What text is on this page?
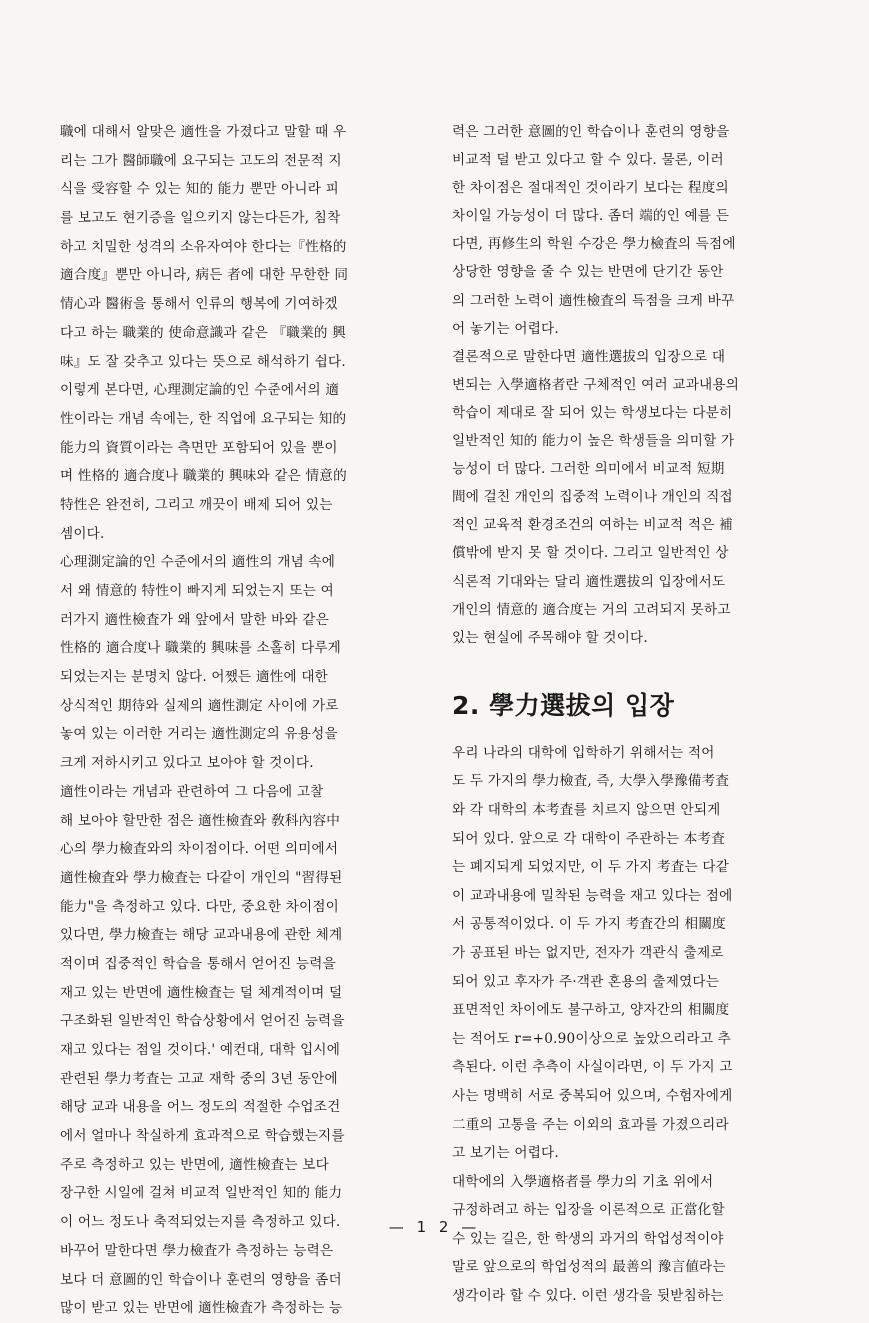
職에 대해서 알맞은 適性을 가졌다고 말할 때 우
리는 그가 醫師職에 요구되는 고도의 전문적 지
식을 受容할 수 있는 知的 能力 뿐만 아니라 피
를 보고도 현기증을 일으키지 않는다든가, 침착
하고 치밀한 성격의 소유자여야 한다는『性格的
適合度』뿐만 아니라, 病든 者에 대한 무한한 同
情心과 醫術을 통해서 인류의 행복에 기여하겠
다고 하는 職業的 使命意識과 같은 『職業的 興
味』도 잘 갖추고 있다는 뜻으로 해석하기 쉽다.
이렇게 본다면, 心理測定論的인 수준에서의 適
性이라는 개념 속에는, 한 직업에 요구되는 知的
能力의 資質이라는 측면만 포함되어 있을 뿐이
며 性格的 適合度나 職業的 興味와 같은 情意的
特性은 완전히, 그리고 깨끗이 배제 되어 있는
셈이다.
心理測定論的인 수준에서의 適性의 개념 속에
서 왜 情意的 特性이 빠지게 되었는지 또는 여
러가지 適性檢査가 왜 앞에서 말한 바와 같은
性格的 適合度나 職業的 興味를 소홀히 다루게
되었는지는 분명치 않다. 어쨌든 適性에 대한
상식적인 期待와 실제의 適性測定 사이에 가로
놓여 있는 이러한 거리는 適性測定의 유용성을
크게 저하시키고 있다고 보아야 할 것이다.
適性이라는 개념과 관련하여 그 다음에 고찰
해 보아야 할만한 점은 適性檢査와 敎科內容中
心의 學力檢査와의 차이점이다. 어떤 의미에서
適性檢査와 學力檢査는 다같이 개인의 "習得된
能力"을 측정하고 있다. 다만, 중요한 차이점이
있다면, 學力檢査는 해당 교과내용에 관한 체계
적이며 집중적인 학습을 통해서 얻어진 능력을
재고 있는 반면에 適性檢査는 덜 체계적이며 덜
구조화된 일반적인 학습상황에서 얻어진 능력을
재고 있다는 점일 것이다.' 예컨대, 대학 입시에
관련된 學力考査는 고교 재학 중의 3년 동안에
해당 교과 내용을 어느 정도의 적절한 수업조건
에서 얼마나 착실하게 효과적으로 학습했는지를
주로 측정하고 있는 반면에, 適性檢査는 보다
장구한 시일에 걸쳐 비교적 일반적인 知的 能力
이 어느 정도나 축적되었는지를 측정하고 있다.
바꾸어 말한다면 學力檢査가 측정하는 능력은
보다 더 意圖的인 학습이나 훈련의 영향을 좀더
많이 받고 있는 반면에 適性檢査가 측정하는 능
력은 그러한 意圖的인 학습이나 훈련의 영향을
비교적 덜 받고 있다고 할 수 있다. 물론, 이러
한 차이점은 절대적인 것이라기 보다는 程度의
차이일 가능성이 더 많다. 좀더 端的인 예를 든
다면, 再修生의 학원 수강은 學力檢査의 득점에
상당한 영향을 줄 수 있는 반면에 단기간 동안
의 그러한 노력이 適性檢査의 득점을 크게 바꾸
어 놓기는 어렵다.
결론적으로 말한다면 適性選拔의 입장으로 대
변되는 入學適格者란 구체적인 여러 교과내용의
학습이 제대로 잘 되어 있는 학생보다는 다분히
일반적인 知的 能力이 높은 학생들을 의미할 가
능성이 더 많다. 그러한 의미에서 비교적 短期
間에 걸친 개인의 집중적 노력이나 개인의 직접
적인 교육적 환경조건의 여하는 비교적 적은 補
償밖에 받지 못 할 것이다. 그리고 일반적인 상
식론적 기대와는 달리 適性選拔의 입장에서도
개인의 情意的 適合度는 거의 고려되지 못하고
있는 현실에 주목해야 할 것이다.
2. 學力選拔의 입장
우리 나라의 대학에 입학하기 위해서는 적어
도 두 가지의 學力檢査, 즉, 大學入學豫備考査
와 각 대학의 本考査를 치르지 않으면 안되게
되어 있다. 앞으로 각 대학이 주관하는 本考査
는 폐지되게 되었지만, 이 두 가지 考査는 다같
이 교과내용에 밀착된 능력을 재고 있다는 점에
서 공통적이었다. 이 두 가지 考査간의 相關度
가 공표된 바는 없지만, 전자가 객관식 출제로
되어 있고 후자가 주·객관 혼용의 출제였다는
표면적인 차이에도 불구하고, 양자간의 相關度
는 적어도 r=+0.90이상으로 높았으리라고 추
측된다. 이런 추측이 사실이라면, 이 두 가지 고
사는 명백히 서로 중복되어 있으며, 수험자에게
二重의 고통을 주는 이외의 효과를 가졌으리라
고 보기는 어렵다.
대학에의 入學適格者를 學力의 기초 위에서
규정하려고 하는 입장을 이론적으로 正當化할
수 있는 길은, 한 학생의 과거의 학업성적이야
말로 앞으로의 학업성적의 最善의 豫言値라는
생각이라 할 수 있다. 이런 생각을 뒷받침하는
— 1 2 —
